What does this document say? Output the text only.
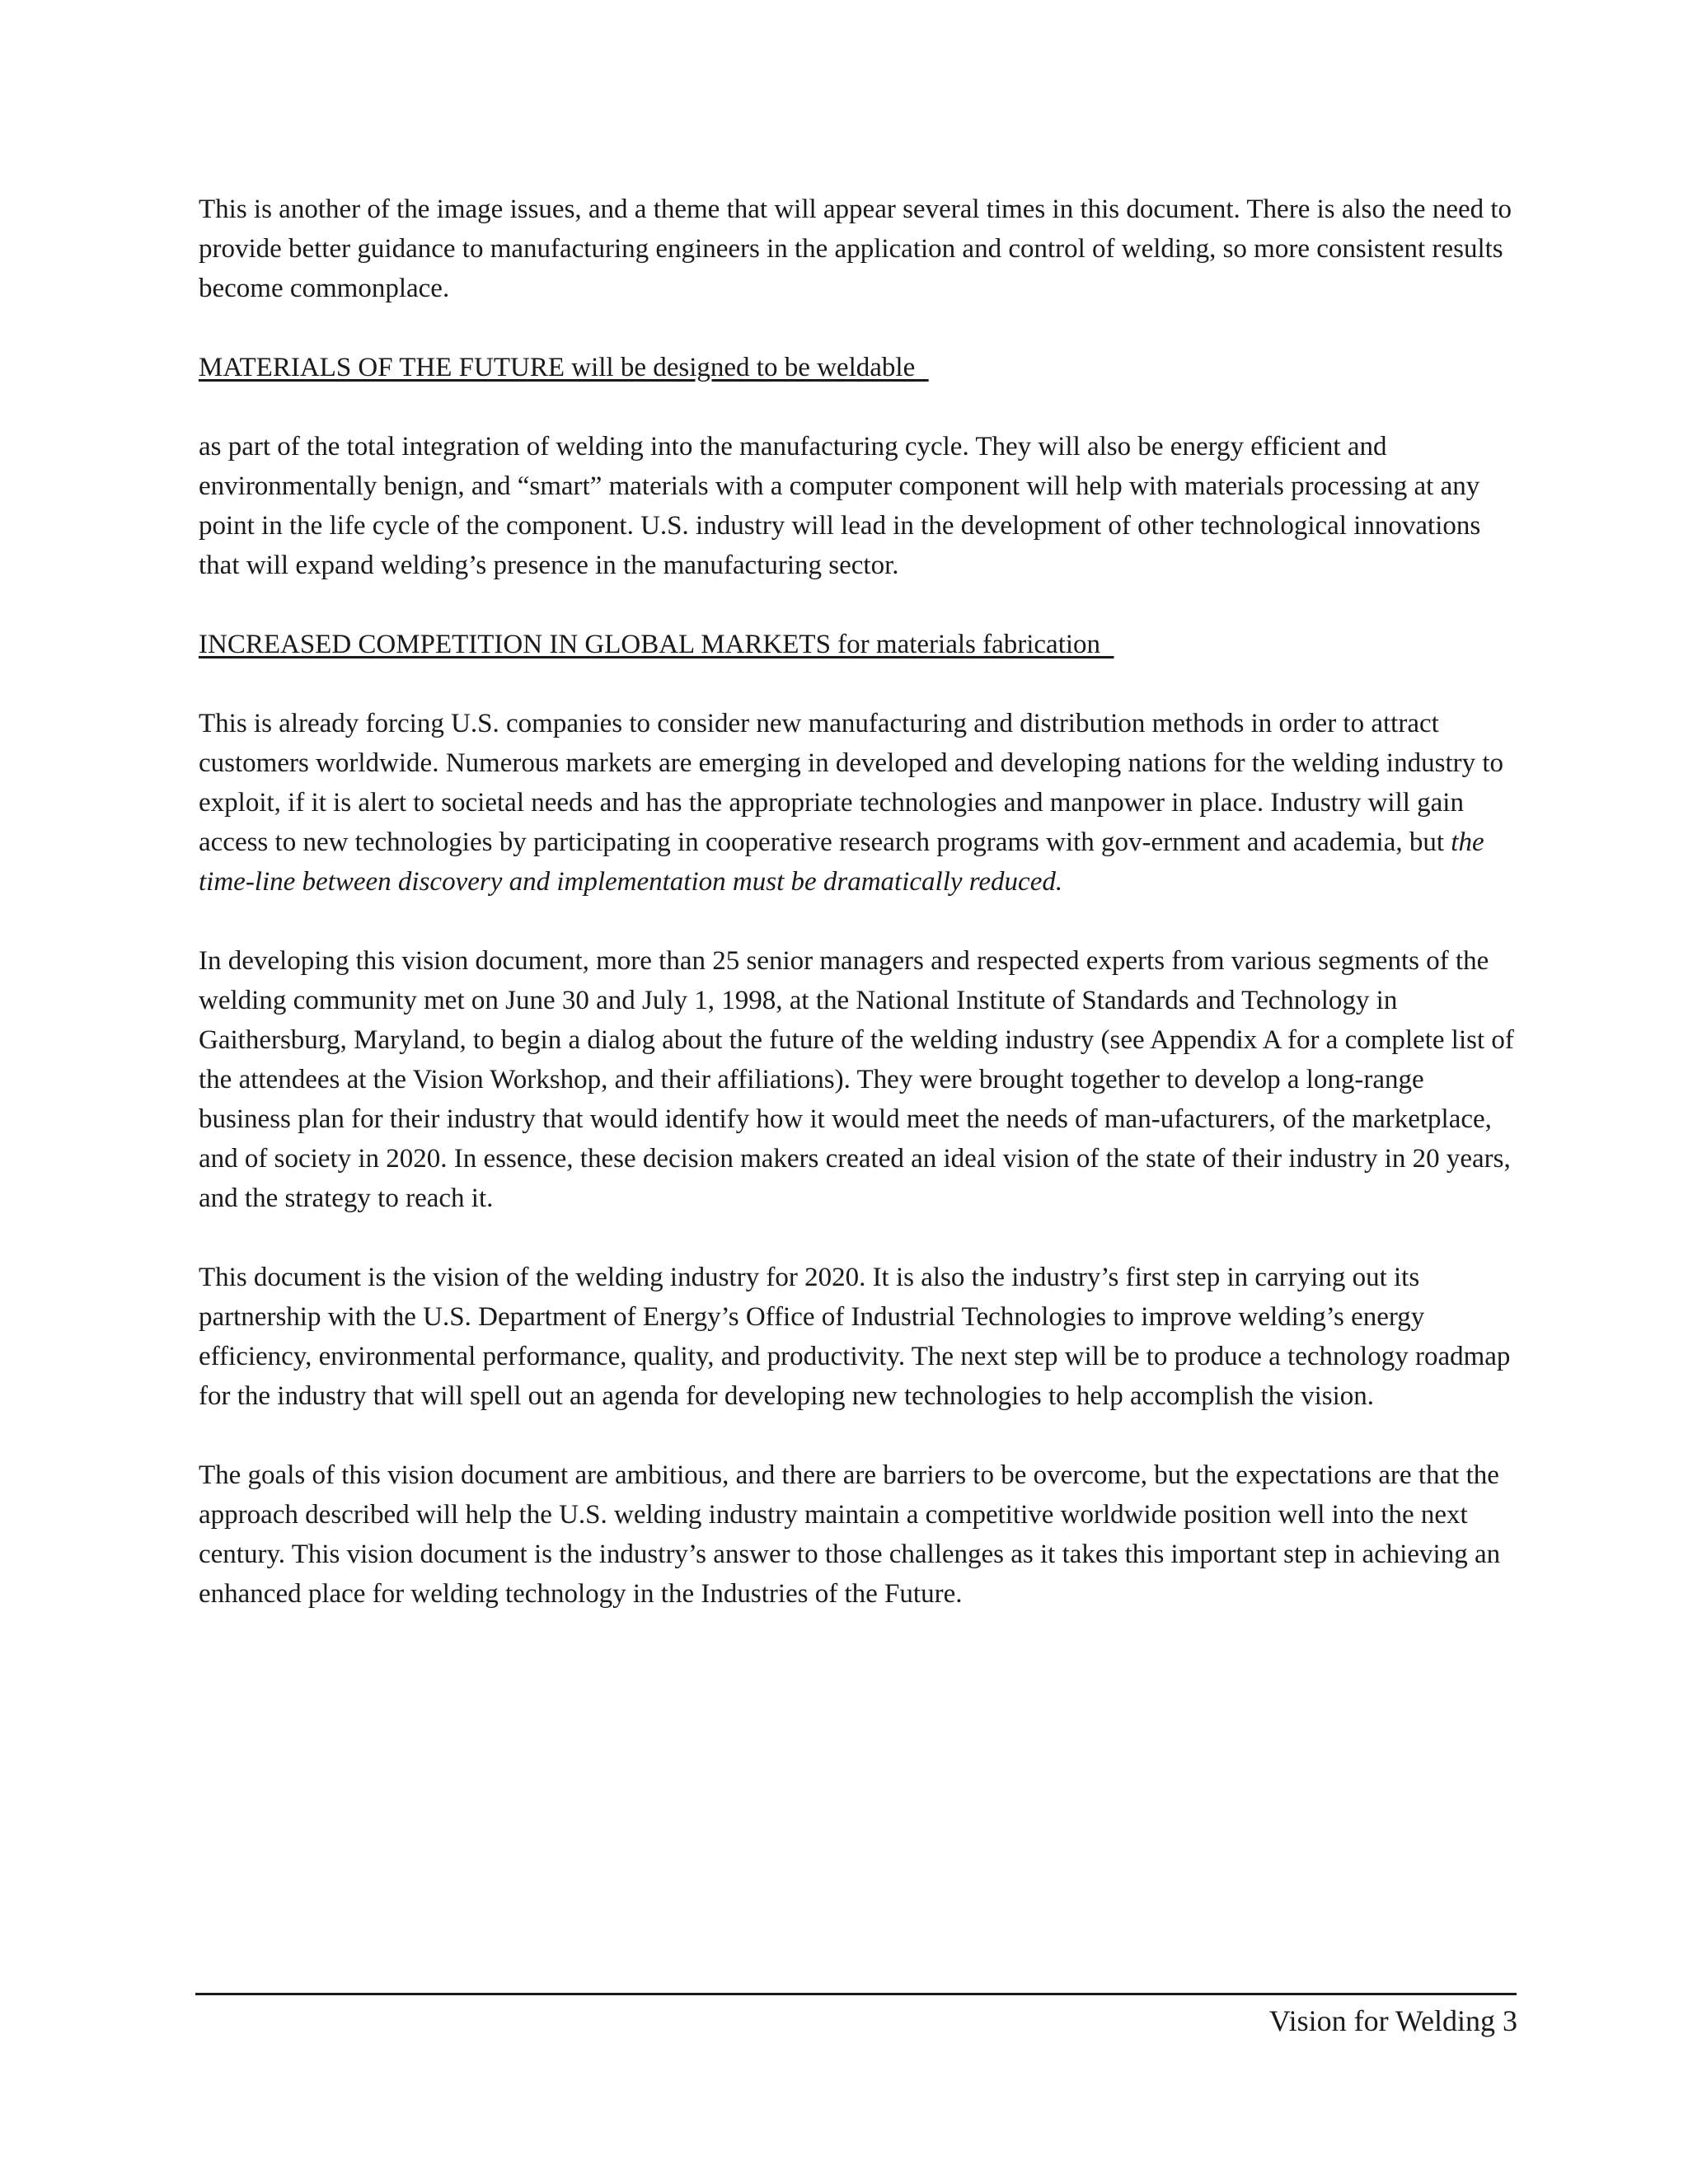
This is another of the image issues, and a theme that will appear several times in this document. There is also the need to provide better guidance to manufacturing engineers in the application and control of welding, so more consistent results become commonplace.

MATERIALS OF THE FUTURE will be designed to be weldable

as part of the total integration of welding into the manufacturing cycle. They will also be energy efficient and environmentally benign, and “smart” materials with a computer component will help with materials processing at any point in the life cycle of the component. U.S. industry will lead in the development of other technological innovations that will expand welding’s presence in the manufacturing sector.

INCREASED COMPETITION IN GLOBAL MARKETS for materials fabrication

This is already forcing U.S. companies to consider new manufacturing and distribution methods in order to attract customers worldwide. Numerous markets are emerging in developed and developing nations for the welding industry to exploit, if it is alert to societal needs and has the appropriate technologies and manpower in place. Industry will gain access to new technologies by participating in cooperative research programs with gov-ernment and academia, but the time-line between discovery and implementation must be dramatically reduced.

In developing this vision document, more than 25 senior managers and respected experts from various segments of the welding community met on June 30 and July 1, 1998, at the National Institute of Standards and Technology in Gaithersburg, Maryland, to begin a dialog about the future of the welding industry (see Appendix A for a complete list of the attendees at the Vision Workshop, and their affiliations). They were brought together to develop a long-range business plan for their industry that would identify how it would meet the needs of man-ufacturers, of the marketplace, and of society in 2020. In essence, these decision makers created an ideal vision of the state of their industry in 20 years, and the strategy to reach it.

This document is the vision of the welding industry for 2020. It is also the industry’s first step in carrying out its partnership with the U.S. Department of Energy’s Office of Industrial Technologies to improve welding’s energy efficiency, environmental performance, quality, and productivity. The next step will be to produce a technology roadmap for the industry that will spell out an agenda for developing new technologies to help accomplish the vision.

The goals of this vision document are ambitious, and there are barriers to be overcome, but the expectations are that the approach described will help the U.S. welding industry maintain a competitive worldwide position well into the next century. This vision document is the industry’s answer to those challenges as it takes this important step in achieving an enhanced place for welding technology in the Industries of the Future.

Vision for Welding 3
